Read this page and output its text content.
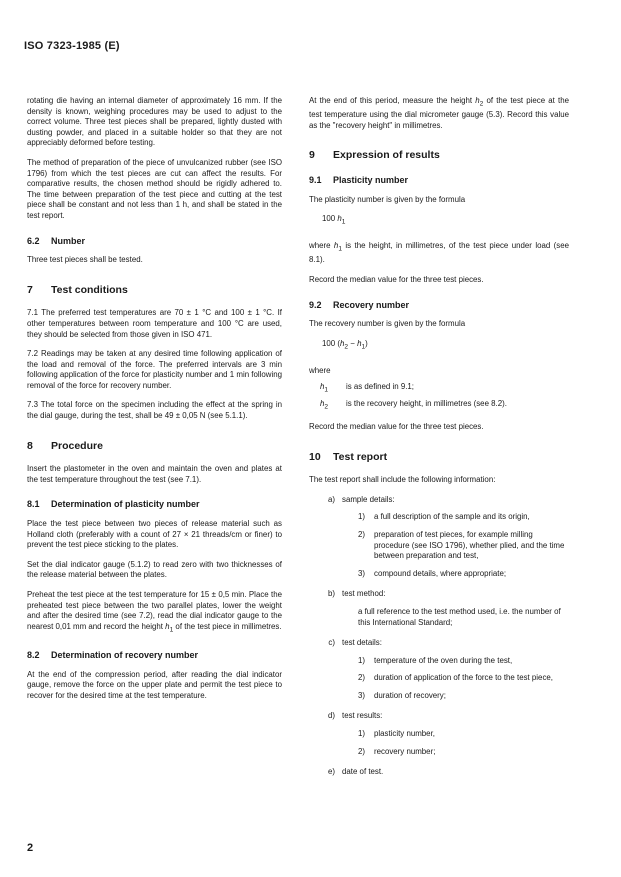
ISO 7323-1985 (E)

rotating die having an internal diameter of approximately 16 mm. If the density is known, weighing procedures may be used to adjust to the correct volume. Three test pieces shall be prepared, lightly dusted with dusting powder, and placed in a suitable holder so that they are not appreciably deformed before testing.

The method of preparation of the piece of unvulcanized rubber (see ISO 1796) from which the test pieces are cut can affect the results. For comparative results, the chosen method should be rigidly adhered to. The time between preparation of the test piece and cutting at the test piece shall be constant and not less than 1 h, and shall be stated in the test report.

6.2 Number

Three test pieces shall be tested.

7 Test conditions

7.1 The preferred test temperatures are 70 ± 1 °C and 100 ± 1 °C. If other temperatures between room temperature and 100 °C are used, they should be selected from those given in ISO 471.

7.2 Readings may be taken at any desired time following application of the load and removal of the force. The preferred intervals are 3 min following application of the force for plasticity number and 1 min following removal of the force for recovery number.

7.3 The total force on the specimen including the effect at the spring in the dial gauge, during the test, shall be 49 ± 0,05 N (see 5.1.1).

8 Procedure

Insert the plastometer in the oven and maintain the oven and plates at the test temperature throughout the test (see 7.1).

8.1 Determination of plasticity number

Place the test piece between two pieces of release material such as Holland cloth (preferably with a count of 27 × 21 threads/cm or finer) to prevent the test piece sticking to the plates.

Set the dial indicator gauge (5.1.2) to read zero with two thicknesses of the release material between the plates.

Preheat the test piece at the test temperature for 15 ± 0,5 min. Place the preheated test piece between the two parallel plates, lower the weight and after the desired time (see 7.2), read the dial indicator gauge to the nearest 0,01 mm and record the height $h_1$ of the test piece in millimetres.

8.2 Determination of recovery number

At the end of the compression period, after reading the dial indicator gauge, remove the force on the upper plate and permit the test piece to recover for the desired time at the test temperature.

At the end of this period, measure the height $h_2$ of the test piece at the test temperature using the dial micrometer gauge (5.3). Record this value as the "recovery height" in millimetres.

9 Expression of results
9.1 Plasticity number

The plasticity number is given by the formula

100 $h_1$

where $h_1$ is the height, in millimetres, of the test piece under load (see 8.1).

Record the median value for the three test pieces.

9.2 Recovery number

The recovery number is given by the formula

100 $(h_2 - h_1)$

where

$h_1$	is as defined in 9.1;
$h_2$	is the recovery height, in millimetres (see 8.2).

Record the median value for the three test pieces.

10 Test report

The test report shall include the following information:

a) sample details:
1)	a full description of the sample and its origin,
2)	preparation of test pieces, for example milling procedure (see ISO 1796), whether plied, and the time between preparation and test,
3)	compound details, where appropriate;
b) test method:
a full reference to the test method used, i.e. the number of this International Standard;
c) test details:
1)	temperature of the oven during the test,
2)	duration of application of the force to the test piece,
3)	duration of recovery;
d) test results:
1)	plasticity number,
2)	recovery number;
e) date of test.
2
